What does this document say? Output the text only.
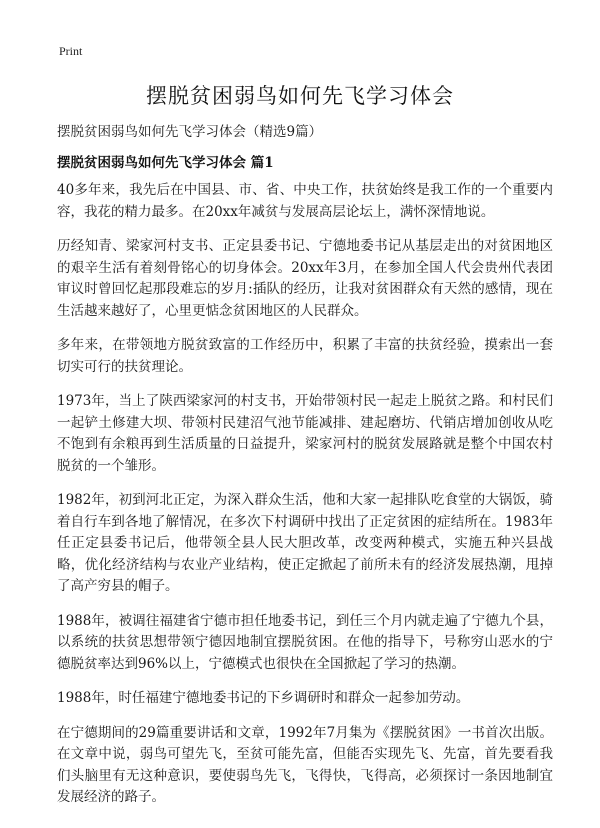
Print
摆脱贫困弱鸟如何先飞学习体会

摆脱贫困弱鸟如何先飞学习体会（精选9篇）

摆脱贫困弱鸟如何先飞学习体会 篇1

40多年来，我先后在中国县、市、省、中央工作，扶贫始终是我工作的一个重要内容，我花的精力最多。在20xx年减贫与发展高层论坛上，满怀深情地说。

历经知青、梁家河村支书、正定县委书记、宁德地委书记从基层走出的对贫困地区的艰辛生活有着刻骨铭心的切身体会。20xx年3月，在参加全国人代会贵州代表团审议时曾回忆起那段难忘的岁月:插队的经历，让我对贫困群众有天然的感情，现在生活越来越好了，心里更惦念贫困地区的人民群众。

多年来，在带领地方脱贫致富的工作经历中，积累了丰富的扶贫经验，摸索出一套切实可行的扶贫理论。

1973年，当上了陕西梁家河的村支书，开始带领村民一起走上脱贫之路。和村民们一起铲土修建大坝、带领村民建沼气池节能减排、建起磨坊、代销店增加创收从吃不饱到有余粮再到生活质量的日益提升，梁家河村的脱贫发展路就是整个中国农村脱贫的一个雏形。

1982年，初到河北正定，为深入群众生活，他和大家一起排队吃食堂的大锅饭，骑着自行车到各地了解情况，在多次下村调研中找出了正定贫困的症结所在。1983年任正定县委书记后，他带领全县人民大胆改革，改变两种模式，实施五种兴县战略，优化经济结构与农业产业结构，使正定掀起了前所未有的经济发展热潮，甩掉了高产穷县的帽子。

1988年，被调往福建省宁德市担任地委书记，到任三个月内就走遍了宁德九个县，以系统的扶贫思想带领宁德因地制宜摆脱贫困。在他的指导下，号称穷山恶水的宁德脱贫率达到96%以上，宁德模式也很快在全国掀起了学习的热潮。

1988年，时任福建宁德地委书记的下乡调研时和群众一起参加劳动。

在宁德期间的29篇重要讲话和文章，1992年7月集为《摆脱贫困》一书首次出版。在文章中说，弱鸟可望先飞，至贫可能先富，但能否实现先飞、先富，首先要看我们头脑里有无这种意识，要使弱鸟先飞，飞得快，飞得高，必须探讨一条因地制宜发展经济的路子。
